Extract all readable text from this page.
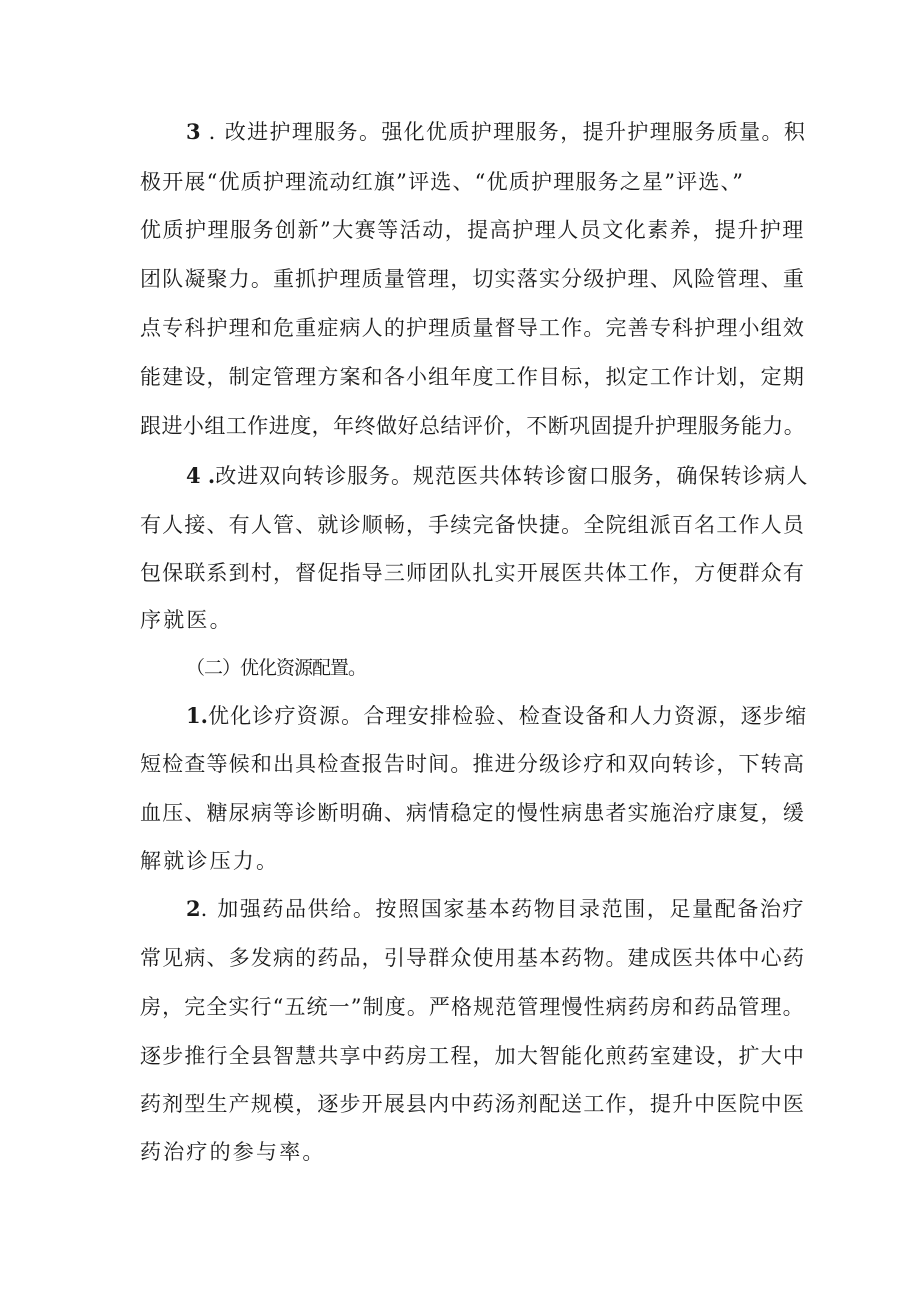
3 . 改进护理服务。强化优质护理服务，提升护理服务质量。积
极开展“优质护理流动红旗”评选、“优质护理服务之星”评选、”
优质护理服务创新”大赛等活动，提高护理人员文化素养，提升护理
团队凝聚力。重抓护理质量管理，切实落实分级护理、风险管理、重
点专科护理和危重症病人的护理质量督导工作。完善专科护理小组效
能建设，制定管理方案和各小组年度工作目标，拟定工作计划，定期
跟进小组工作进度，年终做好总结评价，不断巩固提升护理服务能力。
4 .改进双向转诊服务。规范医共体转诊窗口服务，确保转诊病人
有人接、有人管、就诊顺畅，手续完备快捷。全院组派百名工作人员
包保联系到村，督促指导三师团队扎实开展医共体工作，方便群众有
序就医。
（二）优化资源配置。
1.优化诊疗资源。合理安排检验、检查设备和人力资源，逐步缩
短检查等候和出具检查报告时间。推进分级诊疗和双向转诊，下转高
血压、糖尿病等诊断明确、病情稳定的慢性病患者实施治疗康复，缓
解就诊压力。
2. 加强药品供给。按照国家基本药物目录范围，足量配备治疗
常见病、多发病的药品，引导群众使用基本药物。建成医共体中心药
房，完全实行“五统一”制度。严格规范管理慢性病药房和药品管理。
逐步推行全县智慧共享中药房工程，加大智能化煎药室建设，扩大中
药剂型生产规模，逐步开展县内中药汤剂配送工作，提升中医院中医
药治疗的参与率。
